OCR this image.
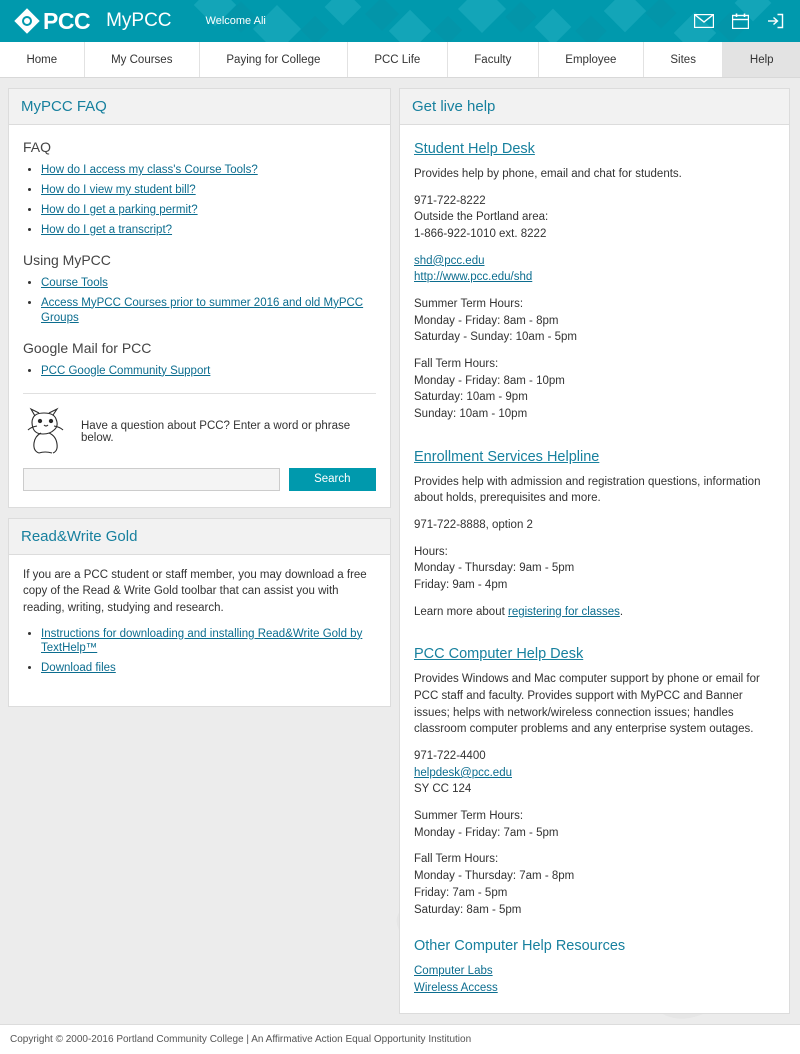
PCC MyPCC	Welcome Ali
Home	My Courses	Paying for College	PCC Life	Faculty	Employee	Sites	Help
MyPCC FAQ
FAQ
• How do I access my class's Course Tools?
• How do I view my student bill?
• How do I get a parking permit?
• How do I get a transcript?
Using MyPCC
• Course Tools
• Access MyPCC Courses prior to summer 2016 and old MyPCC Groups
Google Mail for PCC
• PCC Google Community Support
Have a question about PCC? Enter a word or phrase below.
Search
Read&Write Gold

If you are a PCC student or staff member, you may download a free copy of the Read & Write Gold toolbar that can assist you with reading, writing, studying and research.

• Instructions for downloading and installing Read&Write Gold by TextHelp™
• Download files
Get live help
Student Help Desk

Provides help by phone, email and chat for students.

971-722-8222

Outside the Portland area:

1-866-922-1010 ext. 8222

shd@pcc.edu

http://www.pcc.edu/shd

Summer Term Hours:

Monday - Friday: 8am - 8pm

Saturday - Sunday: 10am - 5pm

Fall Term Hours:

Monday - Friday: 8am - 10pm

Saturday: 10am - 9pm

Sunday: 10am - 10pm

Enrollment Services Helpline

Provides help with admission and registration questions, information about holds, prerequisites and more.

971-722-8888, option 2

Hours:

Monday - Thursday: 9am - 5pm

Friday: 9am - 4pm

Learn more about registering for classes.

PCC Computer Help Desk

Provides Windows and Mac computer support by phone or email for PCC staff and faculty. Provides support with MyPCC and Banner issues; helps with network/wireless connection issues; handles classroom computer problems and any enterprise system outages.

971-722-4400

helpdesk@pcc.edu

SY CC 124

Summer Term Hours:

Monday - Friday: 7am - 5pm

Fall Term Hours:

Monday - Thursday: 7am - 8pm

Friday: 7am - 5pm

Saturday: 8am - 5pm

Other Computer Help Resources

Computer Labs

Wireless Access

Copyright © 2000-2016 Portland Community College | An Affirmative Action Equal Opportunity Institution
